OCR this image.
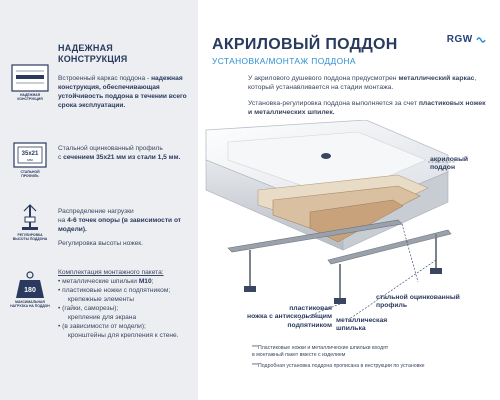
НАДЕЖНАЯ
КОНСТРУКЦИЯ
НАДЕЖНАЯ
КОНСТРУКЦИЯ
Встроенный каркас поддона - надежная конструкция, обеспечивающая устойчивость поддона в течении всего срока эксплуатации.
35x21
мм
СТАЛЬНОЙ
ПРОФИЛЬ
Стальной оцинкованный профиль
с сечением 35x21 мм из стали 1,5 мм.
РЕГУЛИРОВКА
ВЫСОТЫ ПОДДОНА
Распределение нагрузки
на 4-6 точек опоры (в зависимости от модели).
Регулировка высоты ножек.
180
МАКСИМАЛЬНАЯ
НАГРУЗКА НА ПОДДОН
Комплектация монтажного пакета:
• металлические шпильки M10;
• пластиковые ножки с подпятником;
крепежные элементы
• (гайки, саморезы);
крепление для экрана
• (в зависимости от модели);
кронштейны для крепления к стене.
RGW
АКРИЛОВЫЙ ПОДДОН
УСТАНОВКА/МОНТАЖ ПОДДОНА
У акрилового душевого поддона предусмотрен металлический каркас, который устанавливается на стадии монтажа.
Установка-регулировка поддона выполняется за счет пластиковых ножек и металлических шпилек.
акриловый
поддон
стальной оцинкованный
профиль
металлическая
шпилька
пластиковая
ножка с антискользящим
подпятником
***Пластиковые ножки и металлические шпильки входят
в монтажный пакет вместе с изделием
***Подробная установка поддона прописана в инструкции по установке
